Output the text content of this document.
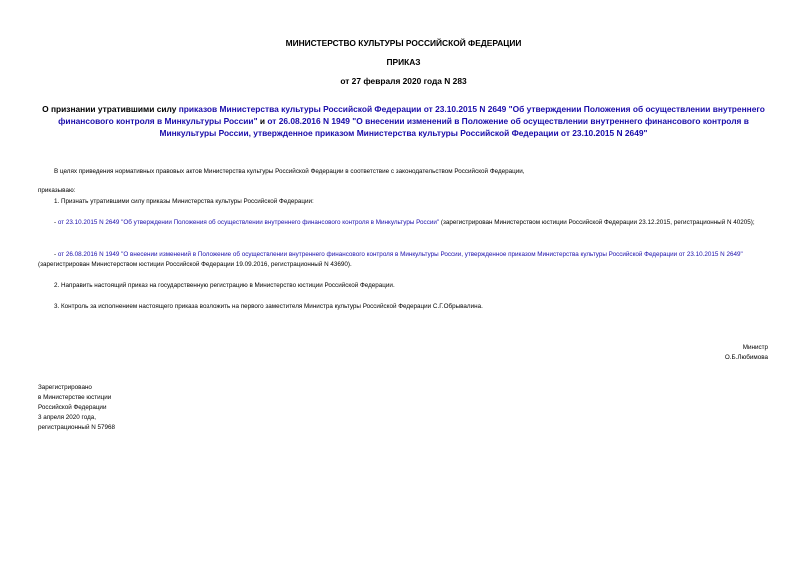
МИНИСТЕРСТВО КУЛЬТУРЫ РОССИЙСКОЙ ФЕДЕРАЦИИ
ПРИКАЗ
от 27 февраля 2020 года N 283
О признании утратившими силу приказов Министерства культуры Российской Федерации от 23.10.2015 N 2649 "Об утверждении Положения об осуществлении внутреннего финансового контроля в Минкультуры России" и от 26.08.2016 N 1949 "О внесении изменений в Положение об осуществлении внутреннего финансового контроля в Минкультуры России, утвержденное приказом Министерства культуры Российской Федерации от 23.10.2015 N 2649"
В целях приведения нормативных правовых актов Министерства культуры Российской Федерации в соответствие с законодательством Российской Федерации,
приказываю:
1. Признать утратившими силу приказы Министерства культуры Российской Федерации:
- от 23.10.2015 N 2649 "Об утверждении Положения об осуществлении внутреннего финансового контроля в Минкультуры России" (зарегистрирован Министерством юстиции Российской Федерации 23.12.2015, регистрационный N 40205);
- от 26.08.2016 N 1949 "О внесении изменений в Положение об осуществлении внутреннего финансового контроля в Минкультуры России, утвержденное приказом Министерства культуры Российской Федерации от 23.10.2015 N 2649" (зарегистрирован Министерством юстиции Российской Федерации 19.09.2016, регистрационный N 43690).
2. Направить настоящий приказ на государственную регистрацию в Министерство юстиции Российской Федерации.
3. Контроль за исполнением настоящего приказа возложить на первого заместителя Министра культуры Российской Федерации С.Г.Обрывалина.
Министр
О.Б.Любимова
Зарегистрировано
в Министерстве юстиции
Российской Федерации
3 апреля 2020 года,
регистрационный N 57968
